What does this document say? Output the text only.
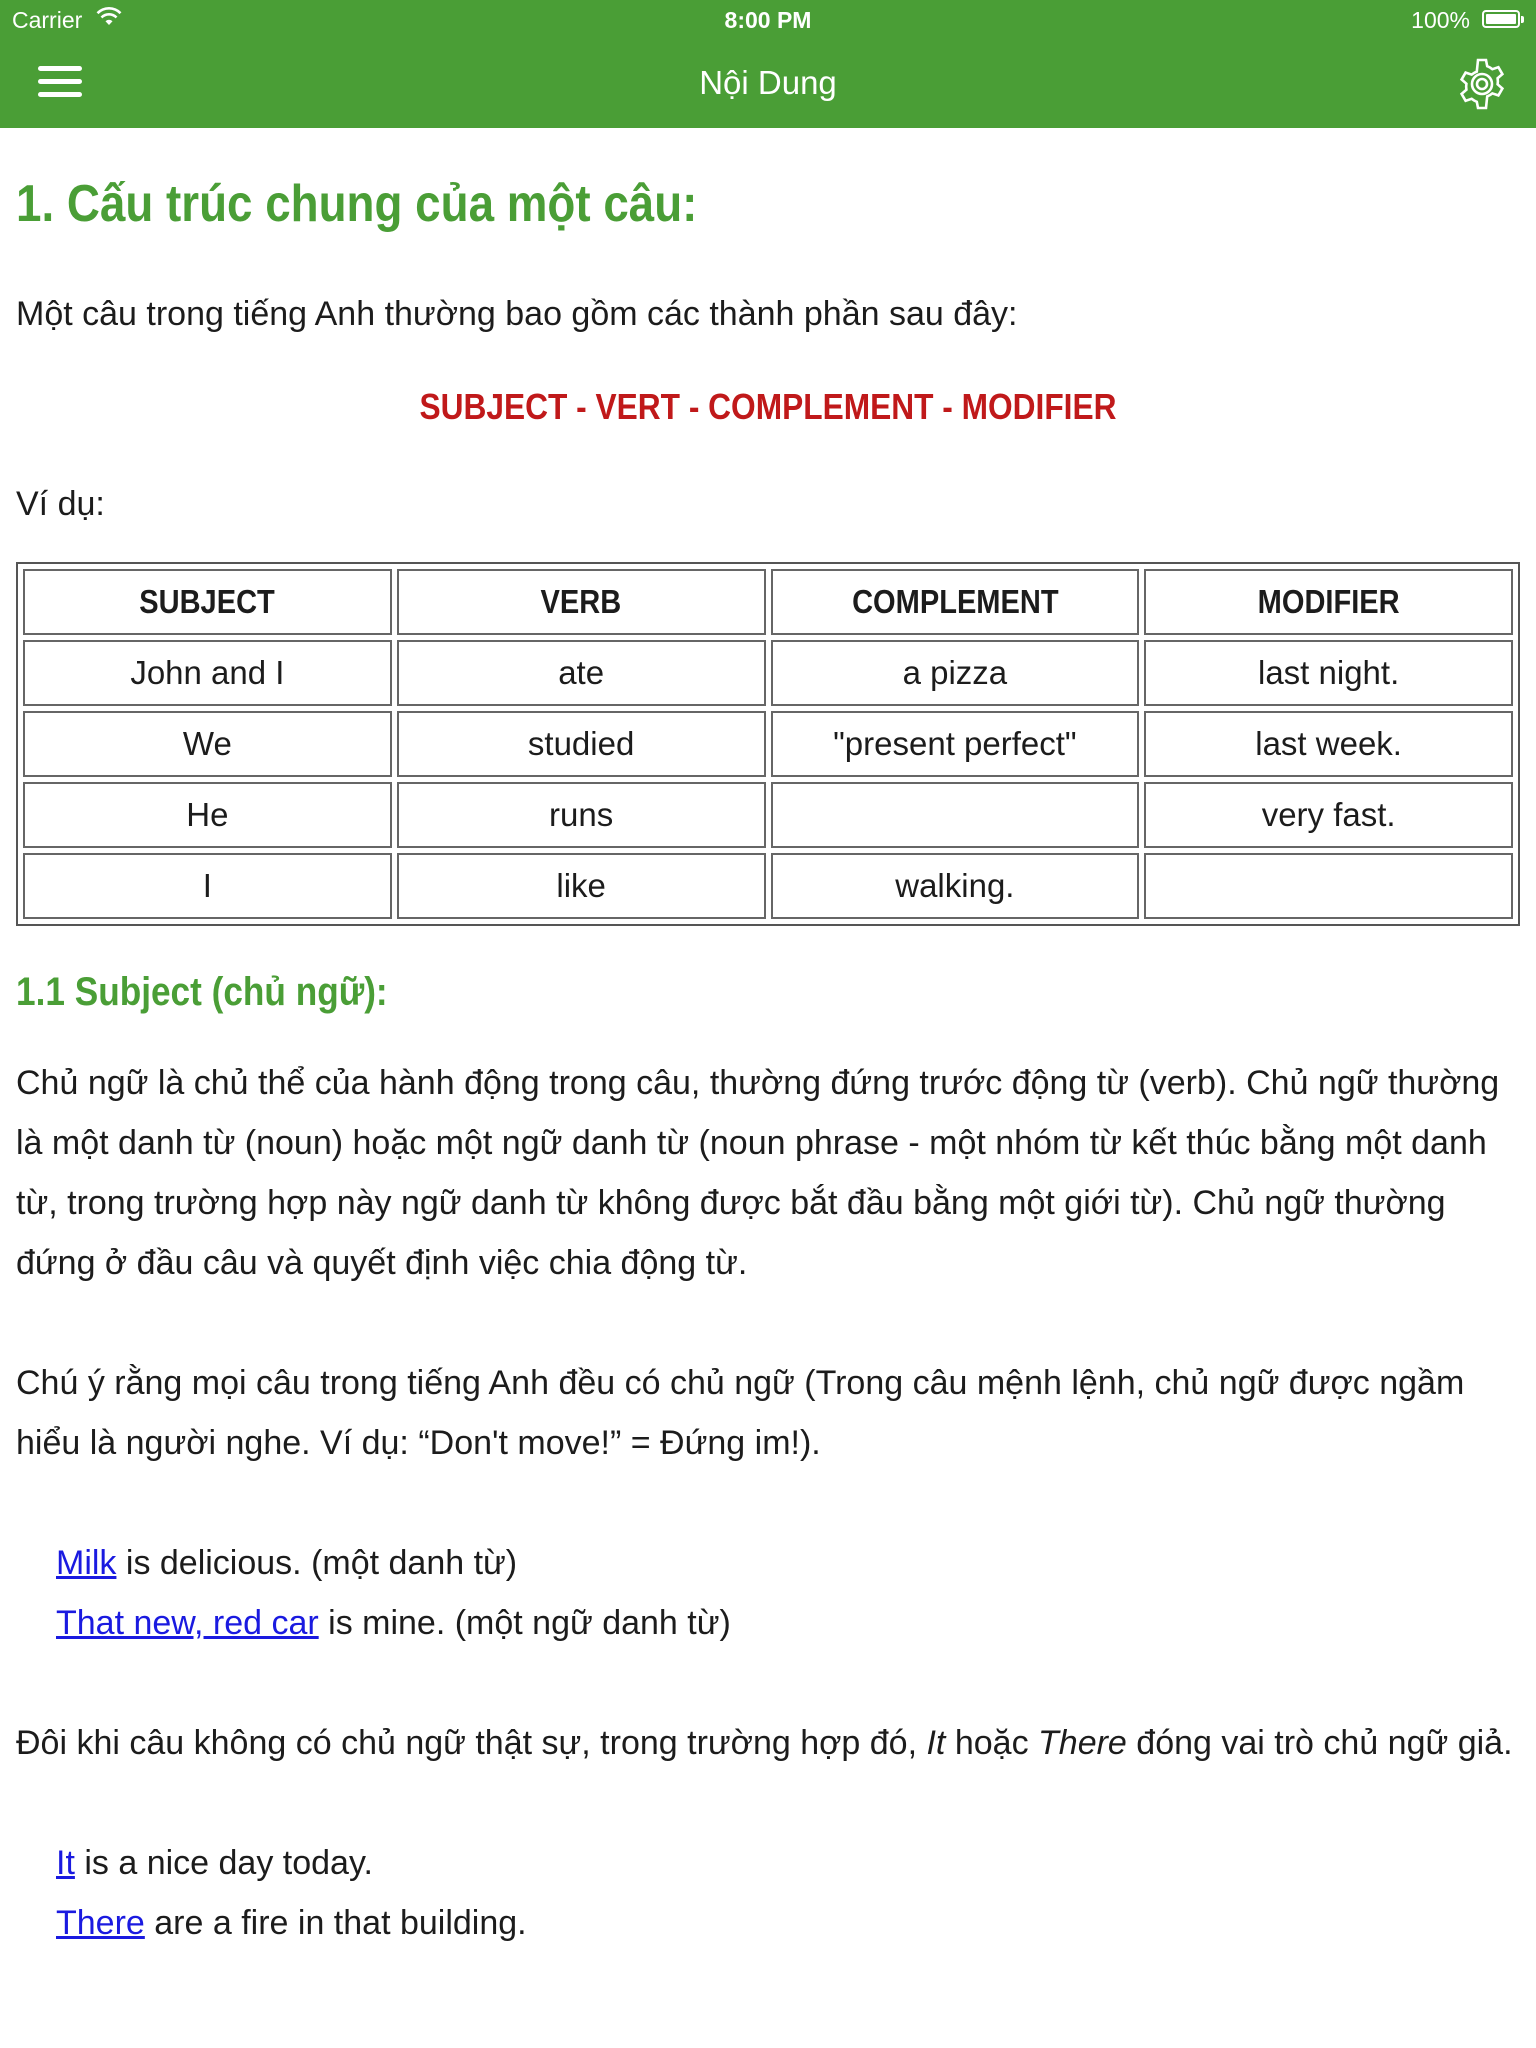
Carrier	8:00 PM	100%
Nội Dung
1. Cấu trúc chung của một câu:

Một câu trong tiếng Anh thường bao gồm các thành phần sau đây:

SUBJECT - VERT - COMPLEMENT - MODIFIER

Ví dụ:

SUBJECT	VERB	COMPLEMENT	MODIFIER
John and I	ate	a pizza	last night.
We	studied	"present perfect"	last week.
He	runs		very fast.
I	like	walking.	
1.1 Subject (chủ ngữ):

Chủ ngữ là chủ thể của hành động trong câu, thường đứng trước động từ (verb). Chủ ngữ thường là một danh từ (noun) hoặc một ngữ danh từ (noun phrase - một nhóm từ kết thúc bằng một danh từ, trong trường hợp này ngữ danh từ không được bắt đầu bằng một giới từ). Chủ ngữ thường đứng ở đầu câu và quyết định việc chia động từ.

Chú ý rằng mọi câu trong tiếng Anh đều có chủ ngữ (Trong câu mệnh lệnh, chủ ngữ được ngầm hiểu là người nghe. Ví dụ: “Don't move!” = Đứng im!).

Milk is delicious. (một danh từ)
That new, red car is mine. (một ngữ danh từ)

Đôi khi câu không có chủ ngữ thật sự, trong trường hợp đó, It hoặc There đóng vai trò chủ ngữ giả.

It is a nice day today.
There are a fire in that building.
